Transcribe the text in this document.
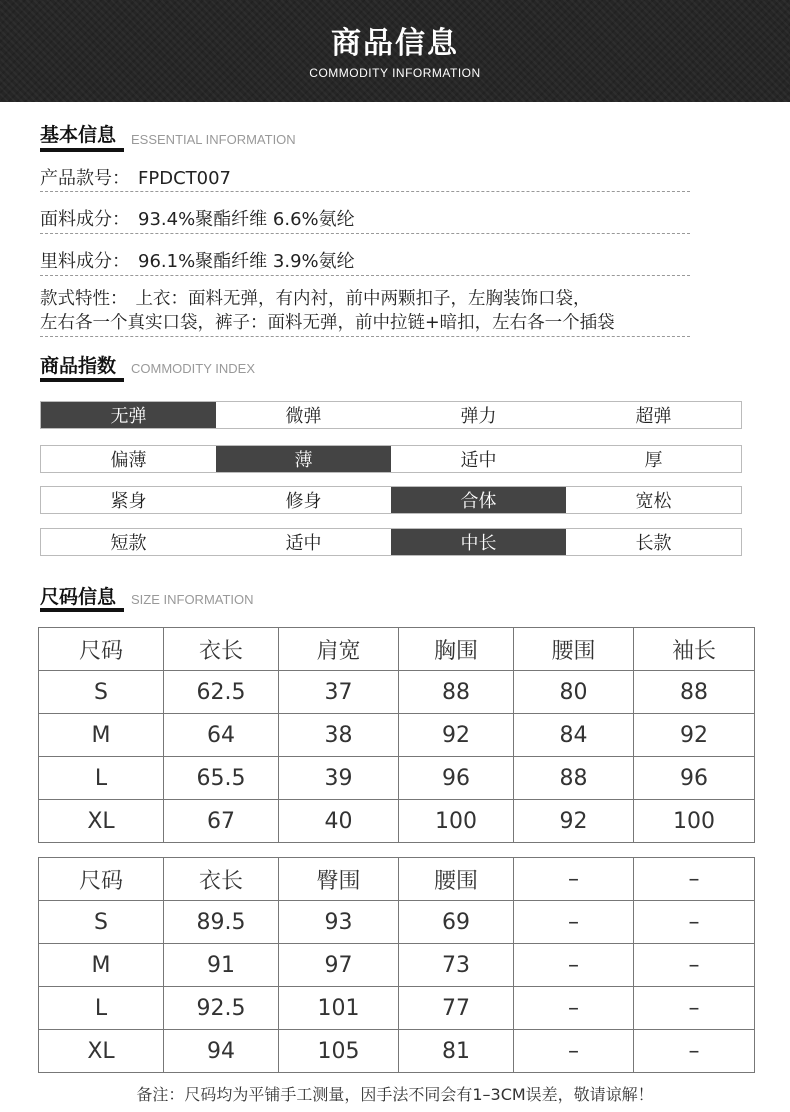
商品信息
COMMODITY INFORMATION
基本信息 ESSENTIAL INFORMATION
产品款号： FPDCT007
面料成分： 93.4%聚酯纤维 6.6%氨纶
里料成分： 96.1%聚酯纤维 3.9%氨纶
款式特性： 上衣：面料无弹，有内衬，前中两颗扣子，左胸装饰口袋，
左右各一个真实口袋，裤子：面料无弹，前中拉链+暗扣，左右各一个插袋
商品指数 COMMODITY INDEX
无弹	微弹	弹力	超弹
偏薄	薄	适中	厚
紧身	修身	合体	宽松
短款	适中	中长	长款
尺码信息 SIZE INFORMATION
尺码	衣长	肩宽	胸围	腰围	袖长
S	62.5	37	88	80	88
M	64	38	92	84	92
L	65.5	39	96	88	96
XL	67	40	100	92	100
尺码	衣长	臀围	腰围	–	–
S	89.5	93	69	–	–
M	91	97	73	–	–
L	92.5	101	77	–	–
XL	94	105	81	–	–
备注：尺码均为平铺手工测量，因手法不同会有1–3CM误差，敬请谅解！
